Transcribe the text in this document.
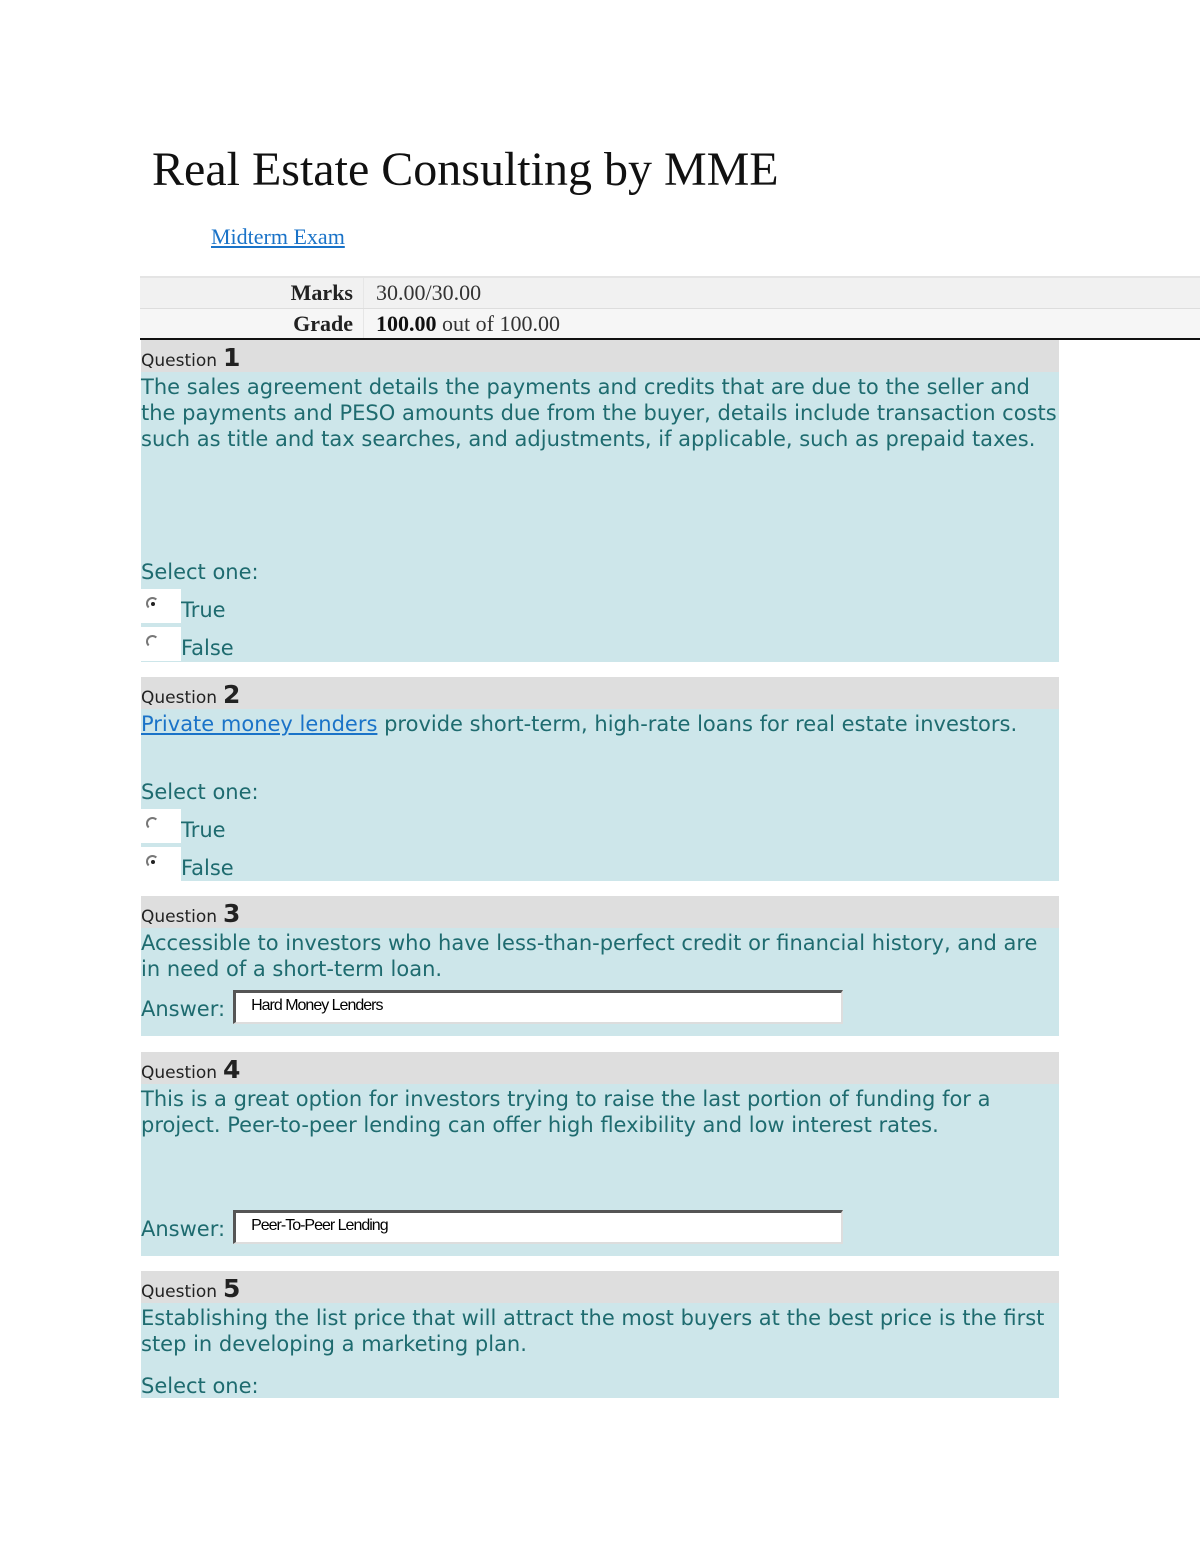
Real Estate Consulting by MME
Midterm Exam
Marks	30.00/30.00
Grade	100.00 out of 100.00
Question 1

The sales agreement details the payments and credits that are due to the seller and the payments and PESO amounts due from the buyer, details include transaction costs such as title and tax searches, and adjustments, if applicable, such as prepaid taxes.

Select one:

True
False
Question 2

Private money lenders provide short-term, high-rate loans for real estate investors.

Select one:

True
False
Question 3

Accessible to investors who have less-than-perfect credit or financial history, and are in need of a short-term loan.

Answer:	Hard Money Lenders
Question 4

This is a great option for investors trying to raise the last portion of funding for a project. Peer-to-peer lending can offer high flexibility and low interest rates.

Answer:	Peer-To-Peer Lending
Question 5

Establishing the list price that will attract the most buyers at the best price is the first step in developing a marketing plan.

Select one:
